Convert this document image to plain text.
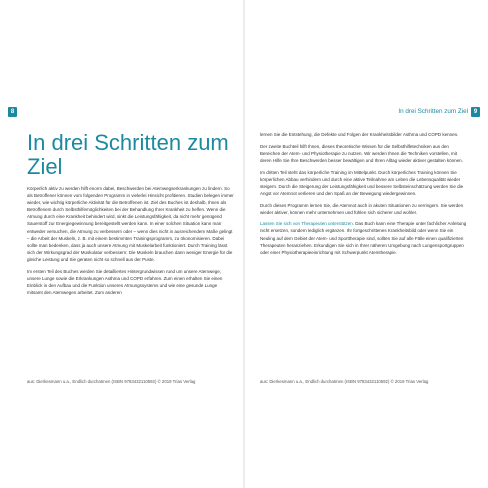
8
In drei Schritten zum Ziel

Körperlich aktiv zu werden hilft enorm dabei, Beschwerden bei Atemwegserkrankungen zu lindern. So als Betroffener können vom folgenden Programm in vielerlei Hinsicht profitieren. Studien belegen immer wieder, wie wichtig körperliche Aktivität für die Betroffenen ist. Ziel des Buches ist deshalb, Ihnen als Betroffenem durch Selbsthilfemöglichkeiten bei der Behandlung Ihrer Krankheit zu helfen. Wenn die Atmung durch eine Krankheit behindert wird, sinkt die Leistungsfähigkeit, da nicht mehr genügend Sauerstoff zur Energiegewinnung bereitgestellt werden kann. In einer solchen Situation kann man entweder versuchen, die Atmung zu verbessern oder – wenn dies nicht in ausreichendem Maße gelingt – die Arbeit der Muskeln, z. B. mit einem bestimmten Trainingsprogramm, zu ökonomisieren. Dabei sollte man bedenken, dass ja auch unsere Atmung mit Muskelarbeit funktioniert. Durch Training lässt sich der Wirkungsgrad der Muskulatur verbessern: Die Muskeln brauchen dann weniger Energie für die gleiche Leistung und Sie geraten nicht so schnell aus der Puste.

Im ersten Teil des Buches werden Sie detailliertes Hintergrundwissen rund um unsere Atemwege, unsere Lunge sowie die Erkrankungen Asthma und COPD erfahren. Zum einen erhalten Sie einen Einblick in den Aufbau und die Funktion unseres Atmungssystems und wie eine gesunde Lunge mitsamt den Atemwegen arbeitet. Zum anderen

aus: Dierkesmann u.a., Endlich durchatmen (ISBN 9783432110592) © 2019 Trias Verlag
In drei Schritten zum Ziel 9

lernen Sie die Entstehung, die Defekte und Folgen der Krankheitsbilder Asthma und COPD kennen.

Der zweite Buchteil hilft Ihnen, dieses theoretische Wissen für die Selbsthilfetechniken aus den Bereichen der Atem- und Physiotherapie zu nutzen. Wir werden Ihnen die Techniken vorstellen, mit deren Hilfe Sie Ihre Beschwerden besser bewältigen und Ihren Alltag wieder aktiver gestalten können.

Im dritten Teil steht das körperliche Training im Mittelpunkt. Durch körperliches Training können Sie körperlichen Abbau verhindern und durch eine aktive Teilnahme am Leben die Lebensqualität wieder steigern. Durch die Steigerung der Leistungsfähigkeit und bessere Selbsteinschätzung werden Sie die Angst vor Atemnot verlieren und den Spaß an der Bewegung wiedergewinnen.

Durch dieses Programm lernen Sie, die Atemnot auch in akuten Situationen zu verringern. Sie werden wieder aktiver, können mehr unternehmen und fühlen sich sicherer und wohler.

Lassen Sie sich von Therapeuten unterstützen. Das Buch kann eine Therapie unter fachlicher Anleitung nicht ersetzen, sondern lediglich ergänzen. Ihr fortgeschrittenes Krankheitsbild oder wenn Sie ein Neuling auf dem Gebiet der Atem- und Sporttherapie sind, sollten Sie auf alle Fälle einen qualifizierten Therapeuten heranziehen. Erkundigen Sie sich in Ihrer näheren Umgebung nach Lungensportgruppen oder einer Physiotherapieeinrichtung mit Schwerpunkt Atemtherapie.

aus: Dierkesmann u.a., Endlich durchatmen (ISBN 9783432110592) © 2019 Trias Verlag
